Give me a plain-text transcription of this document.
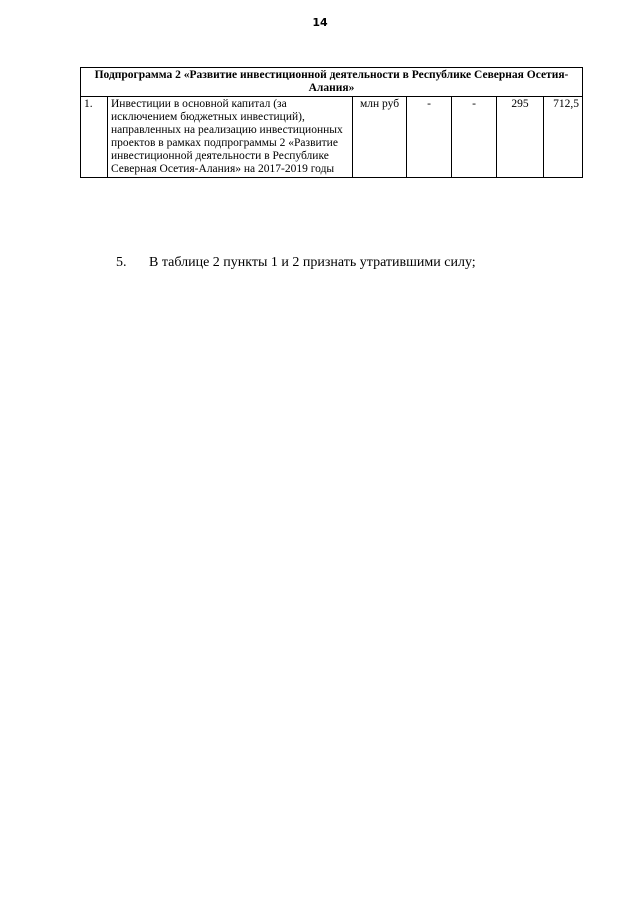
14
Подпрограмма 2 «Развитие инвестиционной деятельности в Республике Северная Осетия-Алания»
1.	Инвестиции в основной капитал (за исключением бюджетных инвестиций), направленных на реализацию инвестиционных проектов в рамках подпрограммы 2 «Развитие инвестиционной деятельности в Республике Северная Осетия-Алания» на 2017-2019 годы	млн руб	-	-	295	712,5
5. В таблице 2 пункты 1 и 2 признать утратившими силу;
